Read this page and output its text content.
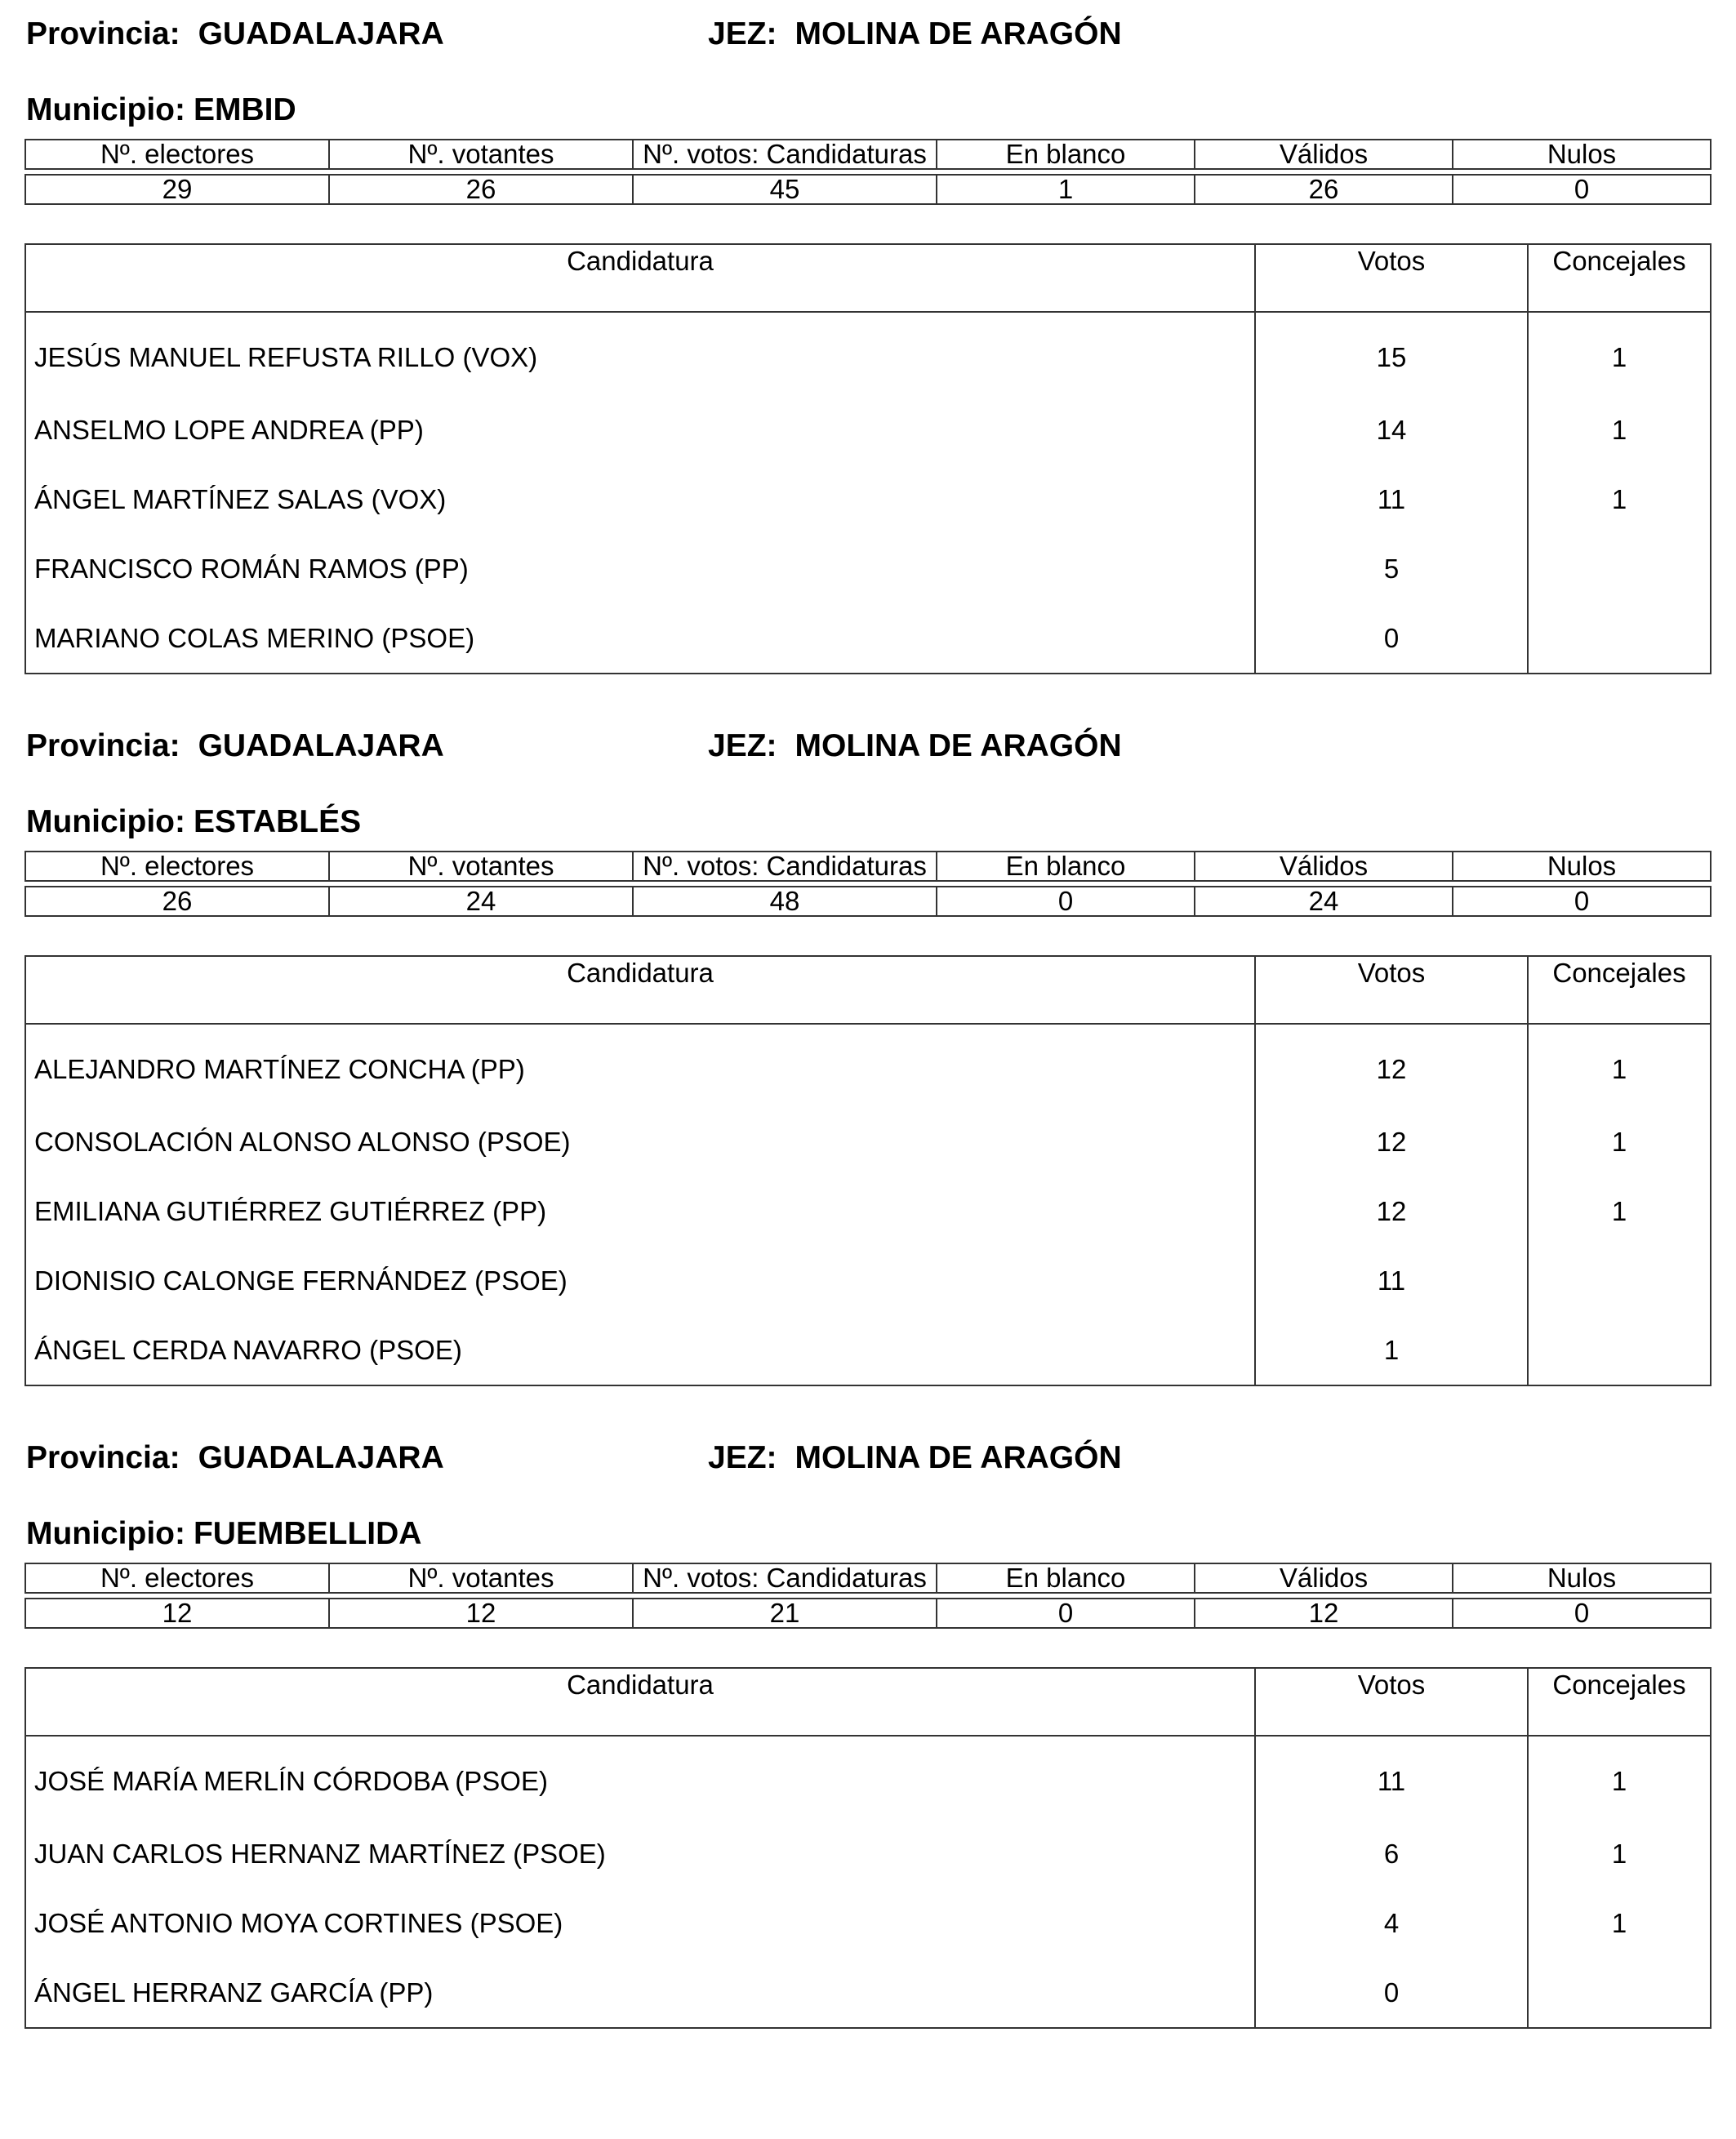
Provincia: GUADALAJARA	JEZ: MOLINA DE ARAGÓN
Municipio: EMBID
Nº. electores	Nº. votantes	Nº. votos: Candidaturas	En blanco	Válidos	Nulos

29	26	45	1	26	0
Candidatura	Votos	Concejales
JESÚS MANUEL REFUSTA RILLO (VOX)	15	1
ANSELMO LOPE ANDREA (PP)	14	1
ÁNGEL MARTÍNEZ SALAS (VOX)	11	1
FRANCISCO ROMÁN RAMOS (PP)	5	
MARIANO COLAS MERINO (PSOE)	0	
Provincia: GUADALAJARA	JEZ: MOLINA DE ARAGÓN
Municipio: ESTABLÉS
Nº. electores	Nº. votantes	Nº. votos: Candidaturas	En blanco	Válidos	Nulos

26	24	48	0	24	0
Candidatura	Votos	Concejales
ALEJANDRO MARTÍNEZ CONCHA (PP)	12	1
CONSOLACIÓN ALONSO ALONSO (PSOE)	12	1
EMILIANA GUTIÉRREZ GUTIÉRREZ (PP)	12	1
DIONISIO CALONGE FERNÁNDEZ (PSOE)	11	
ÁNGEL CERDA NAVARRO (PSOE)	1	
Provincia: GUADALAJARA	JEZ: MOLINA DE ARAGÓN
Municipio: FUEMBELLIDA
Nº. electores	Nº. votantes	Nº. votos: Candidaturas	En blanco	Válidos	Nulos

12	12	21	0	12	0
Candidatura	Votos	Concejales
JOSÉ MARÍA MERLÍN CÓRDOBA (PSOE)	11	1
JUAN CARLOS HERNANZ MARTÍNEZ (PSOE)	6	1
JOSÉ ANTONIO MOYA CORTINES (PSOE)	4	1
ÁNGEL HERRANZ GARCÍA (PP)	0	
